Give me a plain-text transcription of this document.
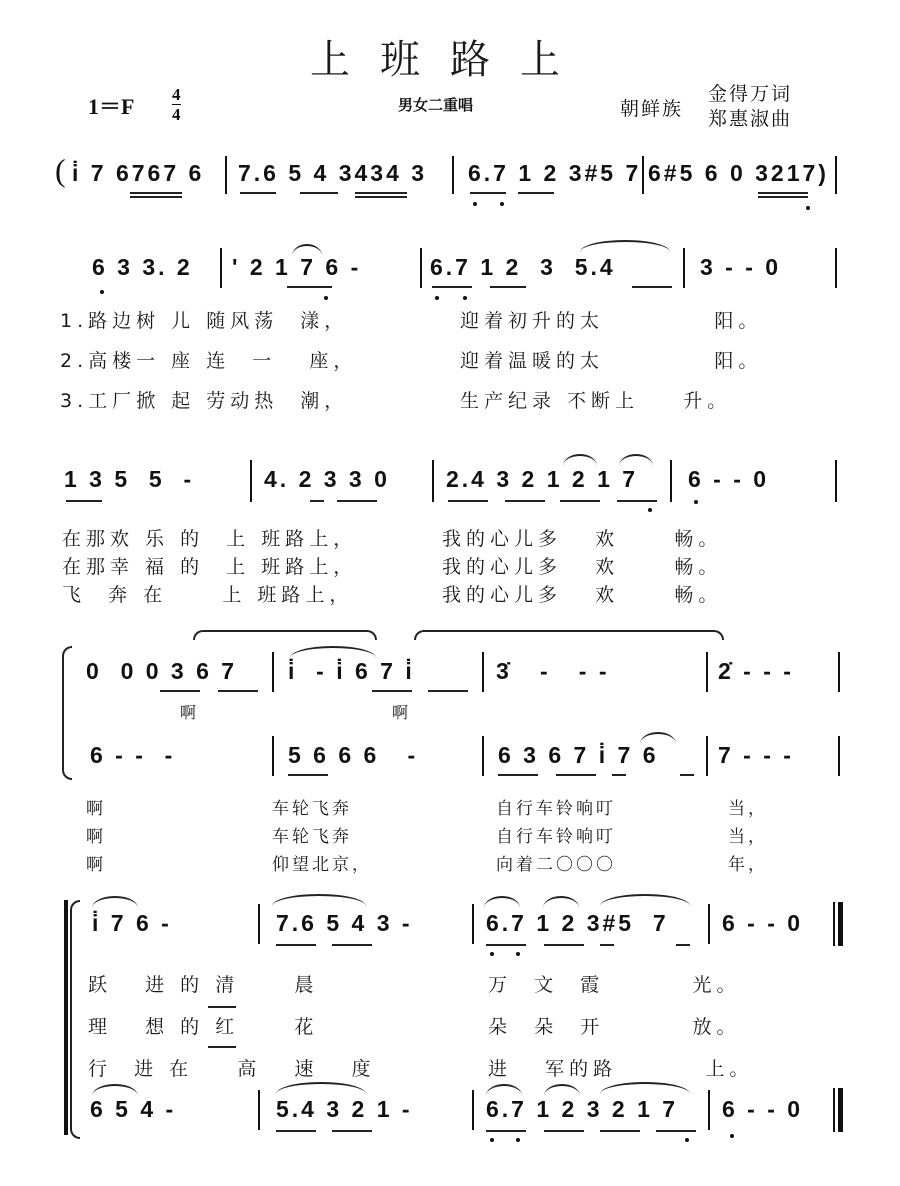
上班路上
1＝F 4
4	男女二重唱	朝鲜族
金得万词
郑惠淑曲
( i̇ 7 6767 6 7.6 5 4 3434 3 6.7 1 2 3#5 7 6#5 6 0 3217)
6 3 3. 2 ' 2 1 7 6 -	6.7 1 2  3  5.4	3 - - 0
1.路边树 儿 随风荡  漾，	迎着初升的太          阳。
2.高楼一 座 连  一   座，	迎着温暖的太          阳。
3.工厂掀 起 劳动热  潮，	生产纪录 不断上    升。
1 3 5  5  -	4. 2 3 3 0 2.4 3 2 1 2 1 7 6 - - 0
在那欢 乐 的  上 班路上，	我的心儿多   欢     畅。
在那幸 福 的  上 班路上，	我的心儿多   欢     畅。
飞  奔 在     上 班路上，	我的心儿多   欢     畅。
0  0 0 3 6 7 i̇  - i̇ 6 7 i̇	3̇   -   - -	2̇ - - -
啊	啊
6 - -  -	5 6 6 6   -	6 3 6 7 i̇ 7 6	7 - - -
啊	车轮飞奔	自行车铃响叮	当，
啊	车轮飞奔	自行车铃响叮	当，
啊	仰望北京，	向着二〇〇〇	年，
i̇ 7 6 -	7.6 5 4 3 -	6.7 1 2 3#5  7 6 - - 0
跃   进 的 清     晨	万  文  霞        光。
理   想 的 红     花	朵  朵  开        放。
行  进 在    高   速   度	进   军的路        上。
6 5 4 -	5.4 3 2 1 -	6.7 1 2 3 2 1 7 6 - - 0
